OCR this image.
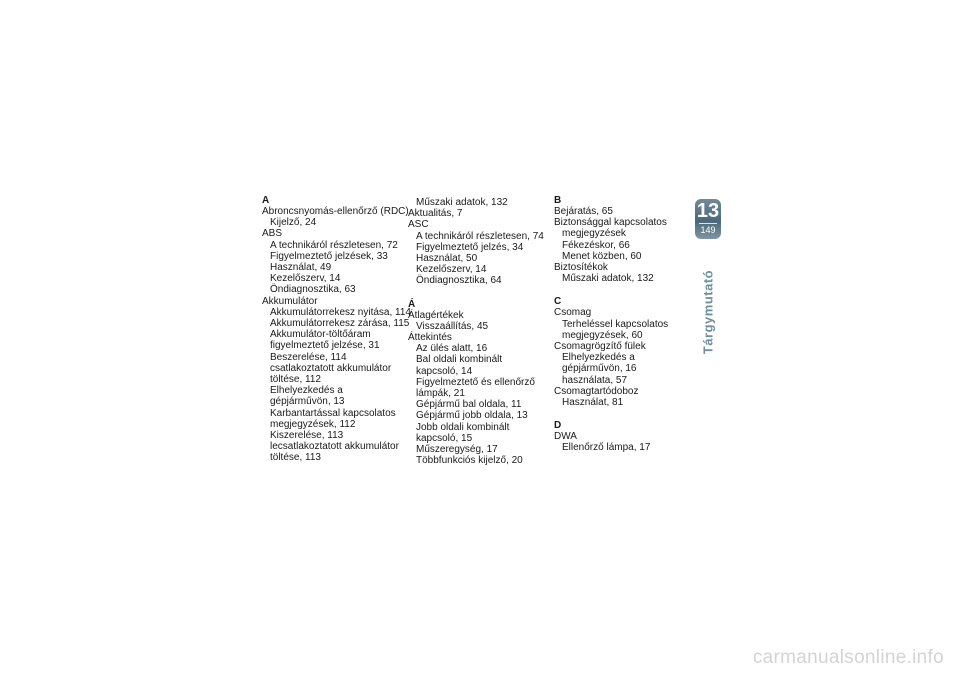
A
Abroncsnyomás-ellenőrző (RDC)
Kijelző, 24
ABS
A technikáról részletesen, 72
Figyelmeztető jelzések, 33
Használat, 49
Kezelőszerv, 14
Öndiagnosztika, 63
Akkumulátor
Akkumulátorrekesz nyitása, 114
Akkumulátorrekesz zárása, 115
Akkumulátor-töltőáram
figyelmeztető jelzése, 31
Beszerelése, 114
csatlakoztatott akkumulátor
töltése, 112
Elhelyezkedés a
gépjárművön, 13
Karbantartással kapcsolatos
megjegyzések, 112
Kiszerelése, 113
lecsatlakoztatott akkumulátor
töltése, 113
Műszaki adatok, 132
Aktualitás, 7
ASC
A technikáról részletesen, 74
Figyelmeztető jelzés, 34
Használat, 50
Kezelőszerv, 14
Öndiagnosztika, 64
Á
Átlagértékek
Visszaállítás, 45
Áttekintés
Az ülés alatt, 16
Bal oldali kombinált
kapcsoló, 14
Figyelmeztető és ellenőrző
lámpák, 21
Gépjármű bal oldala, 11
Gépjármű jobb oldala, 13
Jobb oldali kombinált
kapcsoló, 15
Műszeregység, 17
Többfunkciós kijelző, 20
B
Bejáratás, 65
Biztonsággal kapcsolatos
megjegyzések
Fékezéskor, 66
Menet közben, 60
Biztosítékok
Műszaki adatok, 132
C
Csomag
Terheléssel kapcsolatos
megjegyzések, 60
Csomagrögzítő fülek
Elhelyezkedés a
gépjárművön, 16
használata, 57
Csomagtartódoboz
Használat, 81
D
DWA
Ellenőrző lámpa, 17
13
149
Tárgymutató
carmanualsonline.info
